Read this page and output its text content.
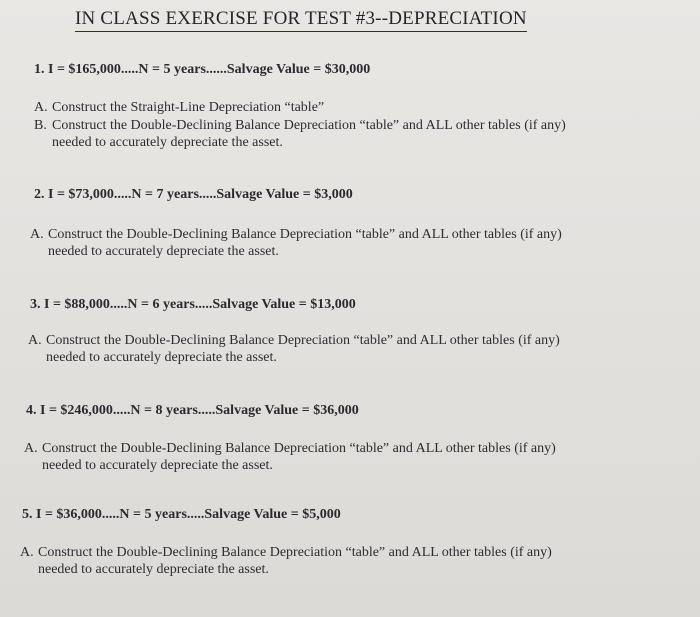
IN CLASS EXERCISE FOR TEST #3--DEPRECIATION
1. I = $165,000.....N = 5 years......Salvage Value = $30,000
A. Construct the Straight-Line Depreciation “table”
B. Construct the Double-Declining Balance Depreciation “table” and ALL other tables (if any)
needed to accurately depreciate the asset.
2. I = $73,000.....N = 7 years.....Salvage Value = $3,000
A. Construct the Double-Declining Balance Depreciation “table” and ALL other tables (if any)
needed to accurately depreciate the asset.
3. I = $88,000.....N = 6 years.....Salvage Value = $13,000
A. Construct the Double-Declining Balance Depreciation “table” and ALL other tables (if any)
needed to accurately depreciate the asset.
4. I = $246,000.....N = 8 years.....Salvage Value = $36,000
A. Construct the Double-Declining Balance Depreciation “table” and ALL other tables (if any)
needed to accurately depreciate the asset.
5. I = $36,000.....N = 5 years.....Salvage Value = $5,000
A. Construct the Double-Declining Balance Depreciation “table” and ALL other tables (if any)
needed to accurately depreciate the asset.
